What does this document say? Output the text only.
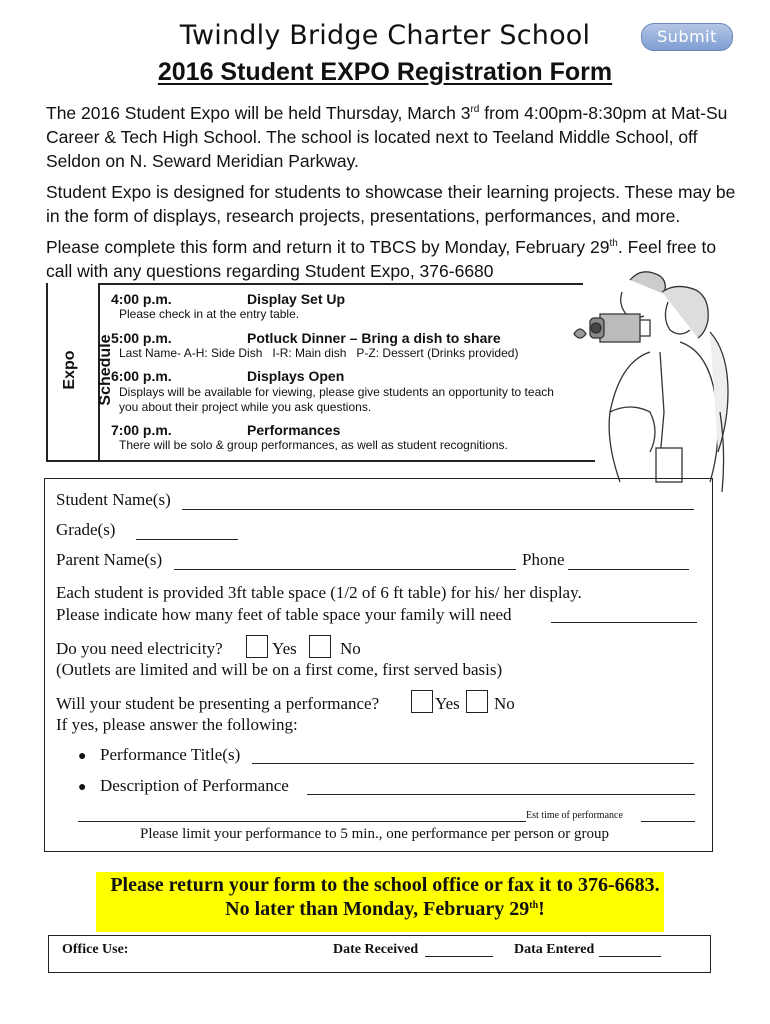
Twindly Bridge Charter School	Submit
2016 Student EXPO Registration Form
The 2016 Student Expo will be held Thursday, March 3rd from 4:00pm-8:30pm at Mat-Su Career & Tech High School. The school is located next to Teeland Middle School, off Seldon on N. Seward Meridian Parkway.
Student Expo is designed for students to showcase their learning projects. These may be in the form of displays, research projects, presentations, performances, and more.
Please complete this form and return it to TBCS by Monday, February 29th. Feel free to call with any questions regarding Student Expo, 376-6680
Expo Schedule
4:00 p.m.	Display Set Up
Please check in at the entry table.
5:00 p.m.	Potluck Dinner – Bring a dish to share
Last Name- A-H: Side Dish   I-R: Main dish   P-Z: Dessert (Drinks provided)
6:00 p.m.	Displays Open
Displays will be available for viewing, please give students an opportunity to teach you about their project while you ask questions.
7:00 p.m.	Performances
There will be solo & group performances, as well as student recognitions.
Student Name(s)
Grade(s)
Parent Name(s)	Phone
Each student is provided 3ft table space (1/2 of 6 ft table) for his/ her display.
Please indicate how many feet of table space your family will need
Do you need electricity?	Yes	No
(Outlets are limited and will be on a first come, first served basis)
Will your student be presenting a performance?	Yes No
If yes, please answer the following:
● Performance Title(s)
● Description of Performance
Est time of performance
Please limit your performance to 5 min., one performance per person or group
Please return your form to the school office or fax it to 376-6683.
No later than Monday, February 29th!
Office Use:	Date Received	Data Entered
